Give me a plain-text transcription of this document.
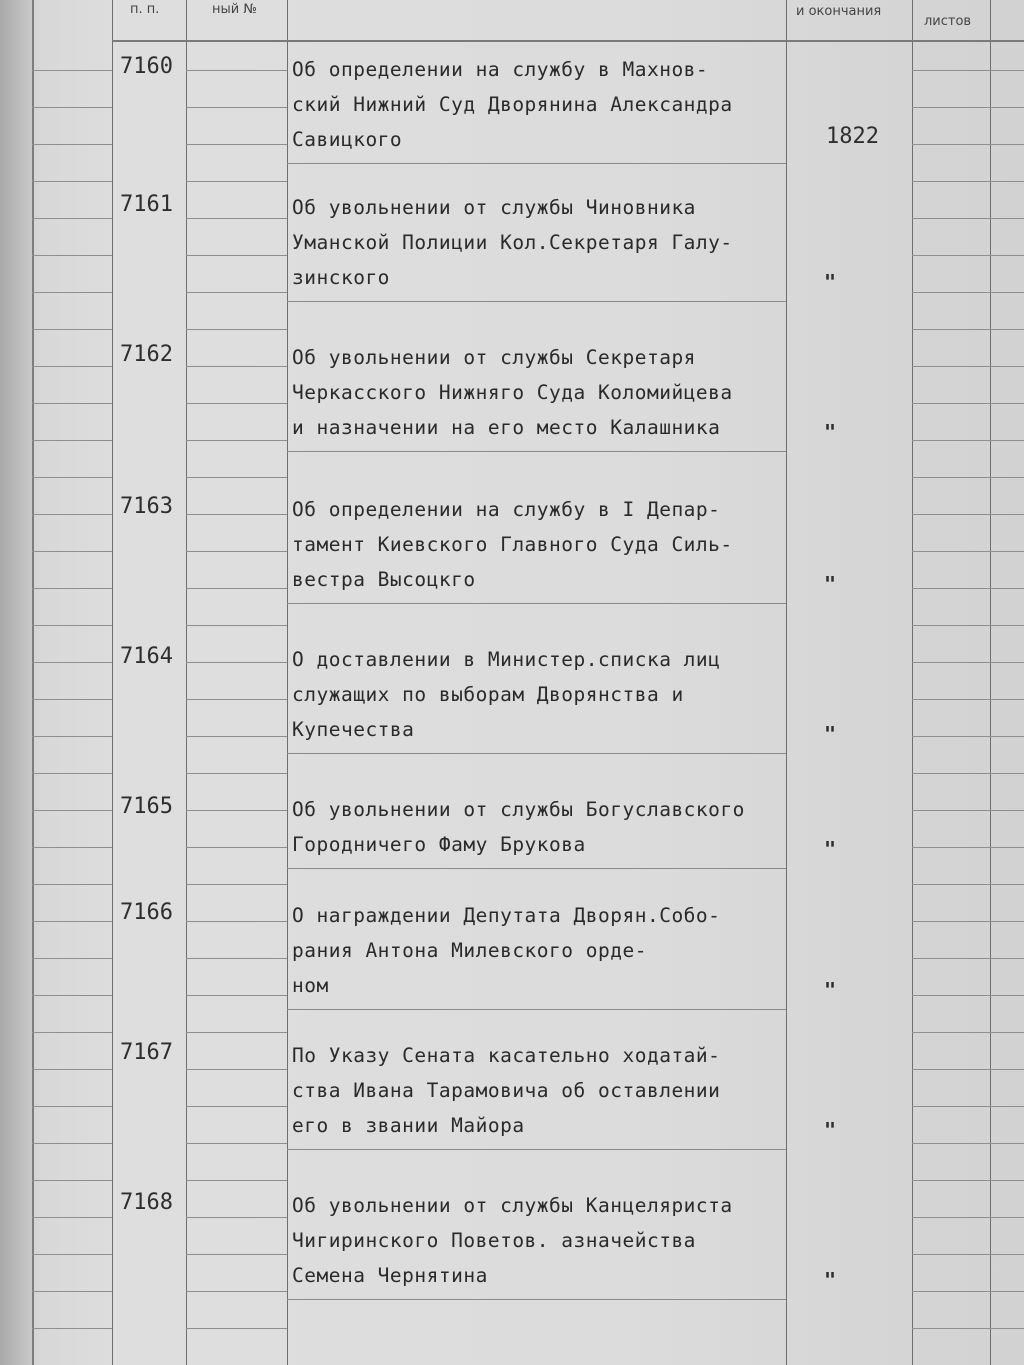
п. п.	ный №	и окончания
листов
7160	Об определении на службу в Махнов-
ский Нижний Суд Дворянина Александра
Савицкого	1822
7161	Об увольнении от службы Чиновника
Уманской Полиции Кол.Секретаря Галу-
зинского	"
7162	Об увольнении от службы Секретаря
Черкасского Нижняго Суда Коломийцева
и назначении на его место Калашника	"
7163	Об определении на службу в I Депар-
тамент Киевского Главного Суда Силь-
вестра Высоцкго	"
7164	О доставлении в Министер.списка лиц
служащих по выборам Дворянства и
Купечества	"
7165	Об увольнении от службы Богуславского
Городничего Фаму Брукова	"
7166	О награждении Депутата Дворян.Собо-
рания Антона Милевского орде-
ном	"
7167	По Указу Сената касательно ходатай-
ства Ивана Тарамовича об оставлении
его в звании Майора	"
7168	Об увольнении от службы Канцеляриста
Чигиринского Поветов. азначейства
Семена Чернятина	"
